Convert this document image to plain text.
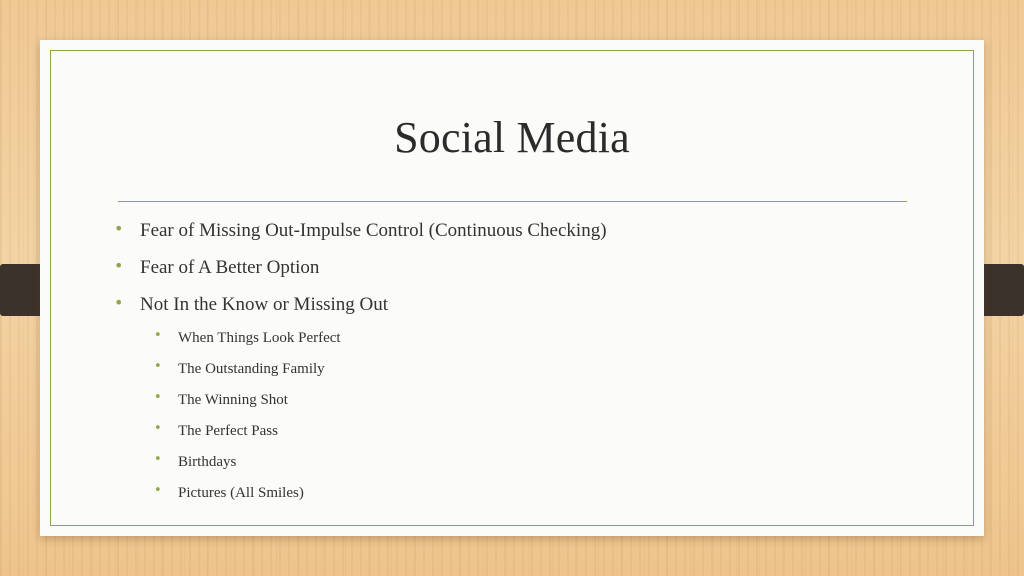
Social Media
• Fear of Missing Out-Impulse Control (Continuous Checking)
• Fear of A Better Option
• Not In the Know or Missing Out
• When Things Look Perfect
• The Outstanding Family
• The Winning Shot
• The Perfect Pass
• Birthdays
• Pictures (All Smiles)
